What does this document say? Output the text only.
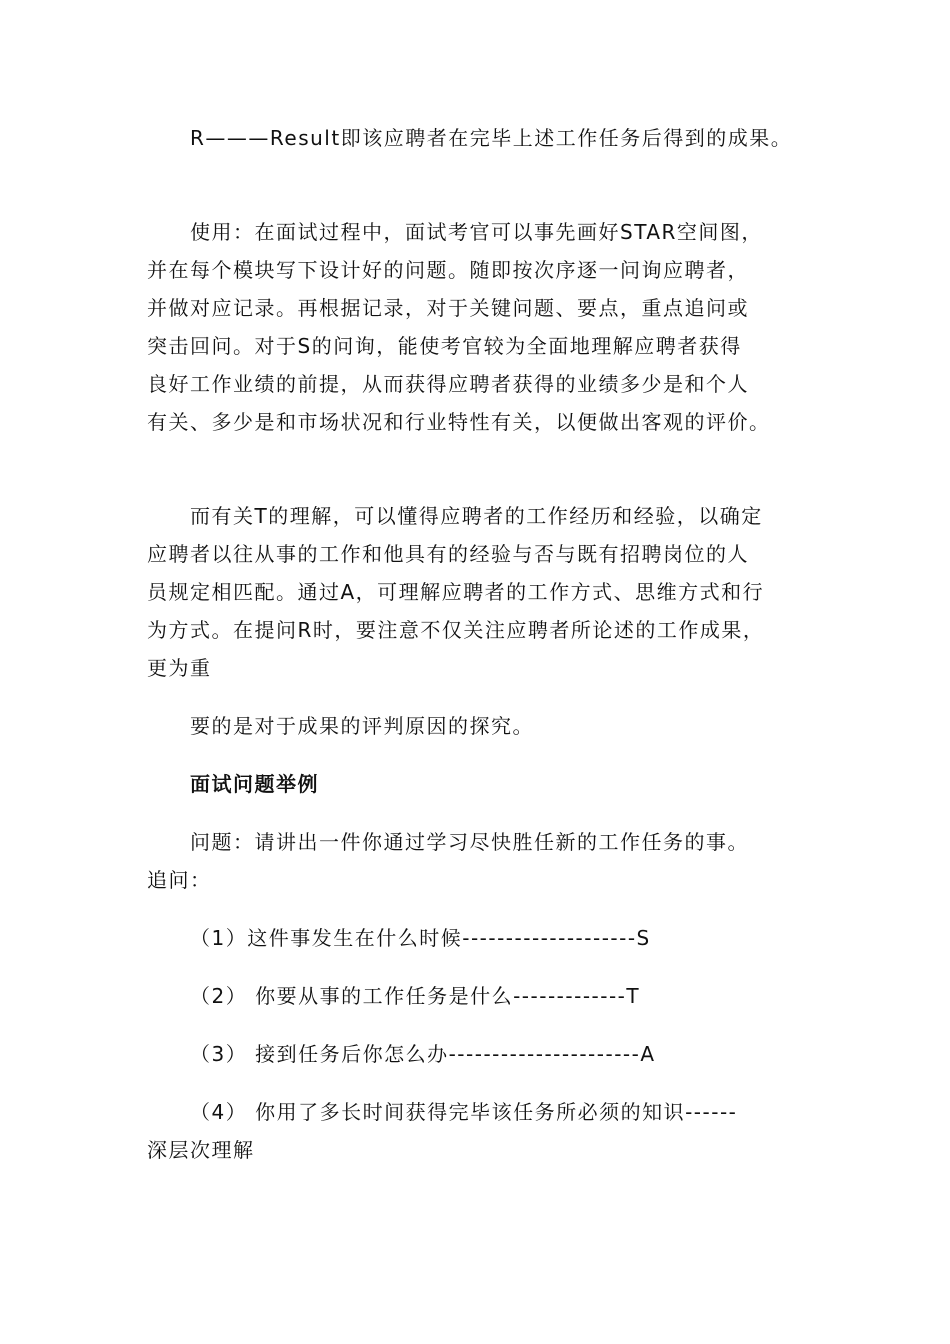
R———Result即该应聘者在完毕上述工作任务后得到的成果。
使用：在面试过程中，面试考官可以事先画好STAR空间图，
并在每个模块写下设计好的问题。随即按次序逐一问询应聘者，
并做对应记录。再根据记录，对于关键问题、要点，重点追问或
突击回问。对于S的问询，能使考官较为全面地理解应聘者获得
良好工作业绩的前提，从而获得应聘者获得的业绩多少是和个人
有关、多少是和市场状况和行业特性有关，以便做出客观的评价。
而有关T的理解，可以懂得应聘者的工作经历和经验，以确定
应聘者以往从事的工作和他具有的经验与否与既有招聘岗位的人
员规定相匹配。通过A，可理解应聘者的工作方式、思维方式和行
为方式。在提问R时，要注意不仅关注应聘者所论述的工作成果，
更为重
要的是对于成果的评判原因的探究。
面试问题举例
问题：请讲出一件你通过学习尽快胜任新的工作任务的事。
追问：
（1）这件事发生在什么时候--------------------S
（2） 你要从事的工作任务是什么-------------T
（3） 接到任务后你怎么办----------------------A
（4） 你用了多长时间获得完毕该任务所必须的知识------
深层次理解
